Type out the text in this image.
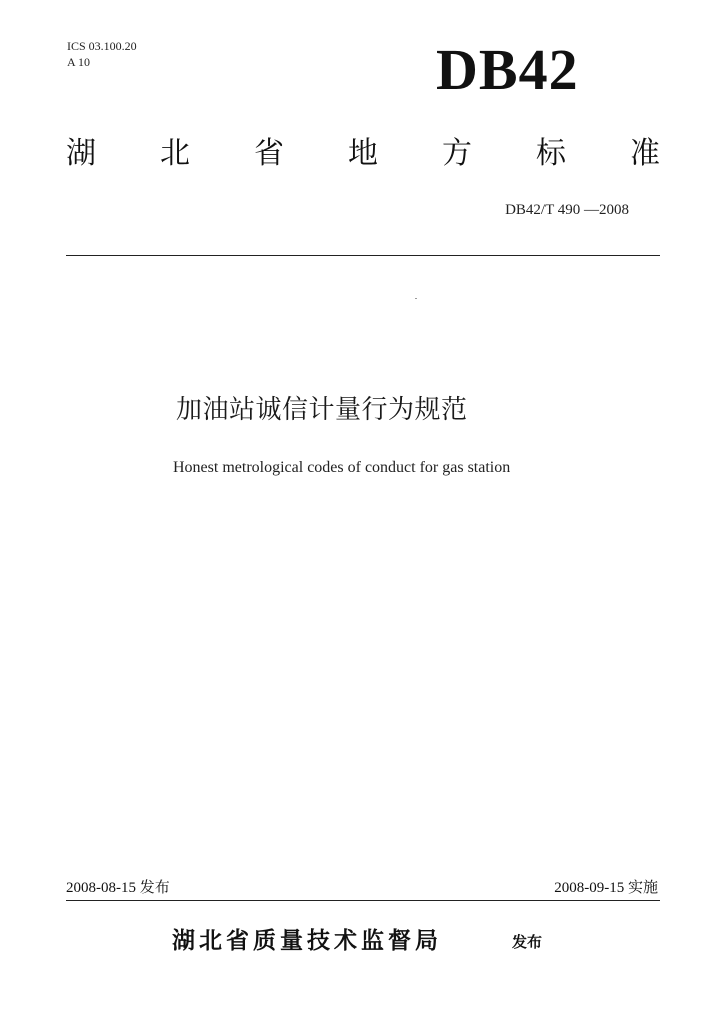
ICS 03.100.20
A 10	DB42
湖 北 省 地 方 标 准
DB42/T 490 —2008
加油站诚信计量行为规范
Honest metrological codes of conduct for gas station
2008-08-15 发布	2008-09-15 实施
湖北省质量技术监督局	发布
